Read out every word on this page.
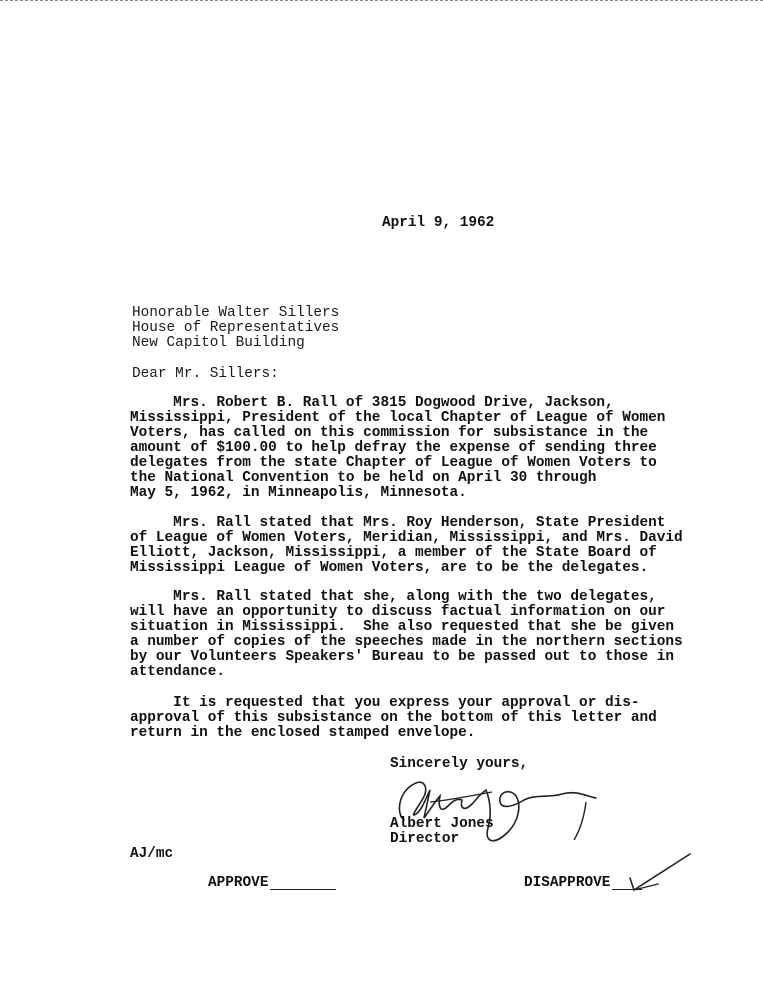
April 9, 1962
Honorable Walter Sillers
House of Representatives
New Capitol Building
Dear Mr. Sillers:
Mrs. Robert B. Rall of 3815 Dogwood Drive, Jackson,
Mississippi, President of the local Chapter of League of Women
Voters, has called on this commission for subsistance in the
amount of $100.00 to help defray the expense of sending three
delegates from the state Chapter of League of Women Voters to
the National Convention to be held on April 30 through
May 5, 1962, in Minneapolis, Minnesota.
Mrs. Rall stated that Mrs. Roy Henderson, State President
of League of Women Voters, Meridian, Mississippi, and Mrs. David
Elliott, Jackson, Mississippi, a member of the State Board of
Mississippi League of Women Voters, are to be the delegates.
Mrs. Rall stated that she, along with the two delegates,
will have an opportunity to discuss factual information on our
situation in Mississippi.  She also requested that she be given
a number of copies of the speeches made in the northern sections
by our Volunteers Speakers' Bureau to be passed out to those in
attendance.
It is requested that you express your approval or dis-
approval of this subsistance on the bottom of this letter and
return in the enclosed stamped envelope.
Sincerely yours,
Albert Jones
Director
AJ/mc
APPROVE	DISAPPROVE
